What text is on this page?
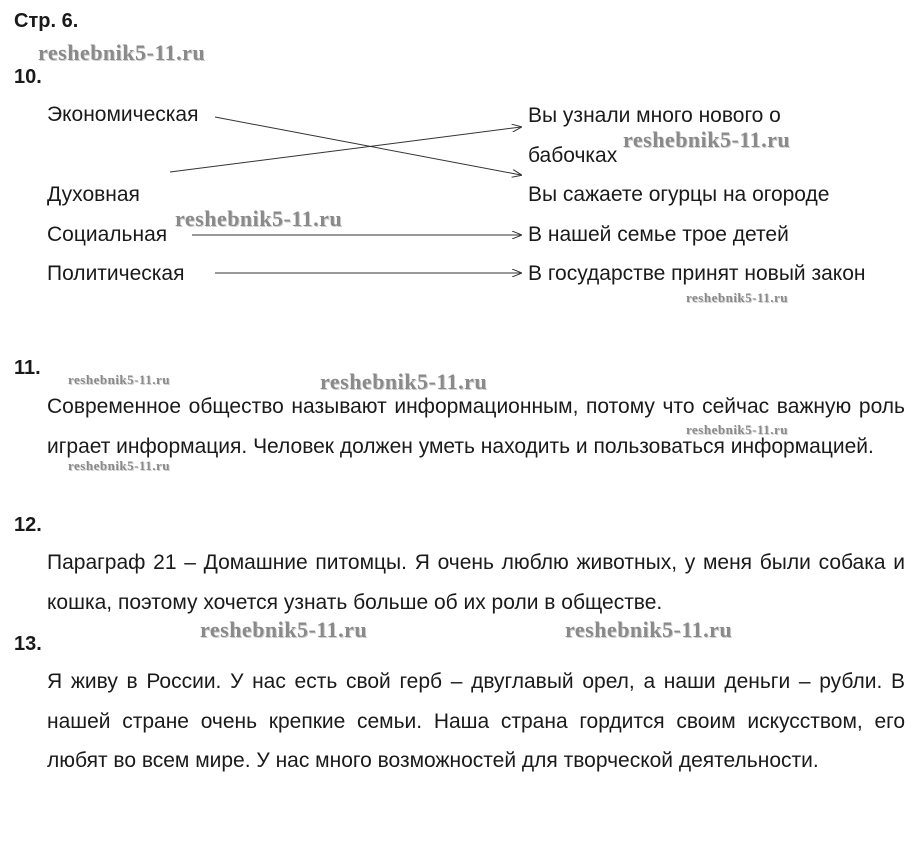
Стр. 6.
10.
Экономическая
Духовная
Социальная
Политическая
Вы узнали много нового о
бабочках
Вы сажаете огурцы на огороде
В нашей семье трое детей
В государстве принят новый закон
11.
Современное общество называют информационным, потому что сейчас важную роль играет информация. Человек должен уметь находить и пользоваться информацией.
12.
Параграф 21 – Домашние питомцы. Я очень люблю животных, у меня были собака и кошка, поэтому хочется узнать больше об их роли в обществе.
13.
Я живу в России. У нас есть свой герб – двуглавый орел, а наши деньги – рубли. В нашей стране очень крепкие семьи. Наша страна гордится своим искусством, его любят во всем мире. У нас много возможностей для творческой деятельности.
reshebnik5-11.ru
reshebnik5-11.ru
reshebnik5-11.ru
reshebnik5-11.ru
reshebnik5-11.ru	reshebnik5-11.ru
reshebnik5-11.ru
reshebnik5-11.ru
reshebnik5-11.ru	reshebnik5-11.ru
